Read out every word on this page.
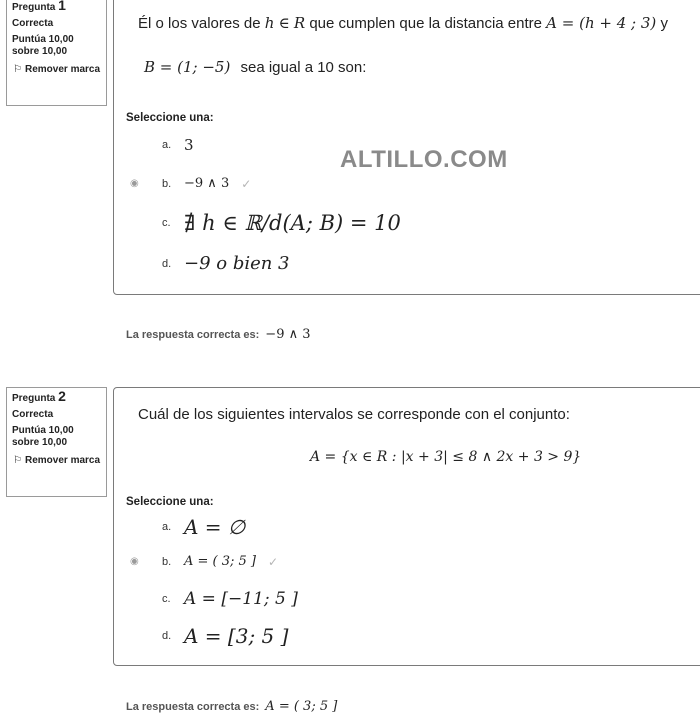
Pregunta 1
Correcta
Puntúa 10,00 sobre 10,00
⚐ Remover marca
Él o los valores de h ∈ R que cumplen que la distancia entre A = (h + 4 ; 3) y
B = (1; −5) sea igual a 10 son:
Seleccione una:
a. 3
◉ b. −9 ∧ 3 ✓
c. ∄ h ∈ ℝ/d(A; B) = 10
d. −9 o bien 3
ALTILLO.COM
La respuesta correcta es: −9 ∧ 3
Pregunta 2
Correcta
Puntúa 10,00 sobre 10,00
⚐ Remover marca
Cuál de los siguientes intervalos se corresponde con el conjunto:
A = {x ∈ R : |x + 3| ≤ 8 ∧ 2x + 3 > 9}
Seleccione una:
a. A = ∅
◉ b. A = ( 3; 5 ] ✓
c. A = [−11; 5 ]
d. A = [3; 5 ]
La respuesta correcta es: A = ( 3; 5 ]
